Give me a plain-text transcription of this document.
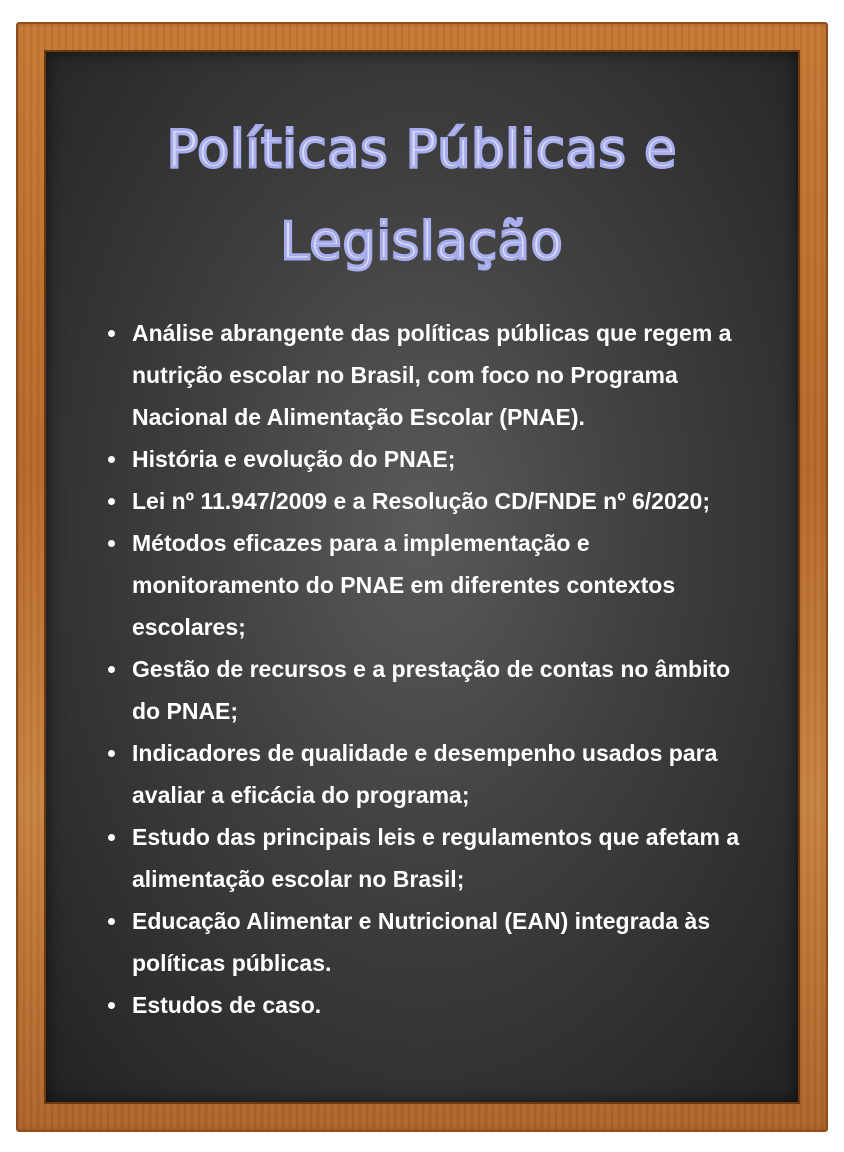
Políticas Públicas e
Legislação
Análise abrangente das políticas públicas que regem a nutrição escolar no Brasil, com foco no Programa Nacional de Alimentação Escolar (PNAE).
História e evolução do PNAE;
Lei nº 11.947/2009 e a Resolução CD/FNDE nº 6/2020;
Métodos eficazes para a implementação e monitoramento do PNAE em diferentes contextos escolares;
Gestão de recursos e a prestação de contas no âmbito do PNAE;
Indicadores de qualidade e desempenho usados para avaliar a eficácia do programa;
Estudo das principais leis e regulamentos que afetam a alimentação escolar no Brasil;
Educação Alimentar e Nutricional (EAN) integrada às políticas públicas.
Estudos de caso.
